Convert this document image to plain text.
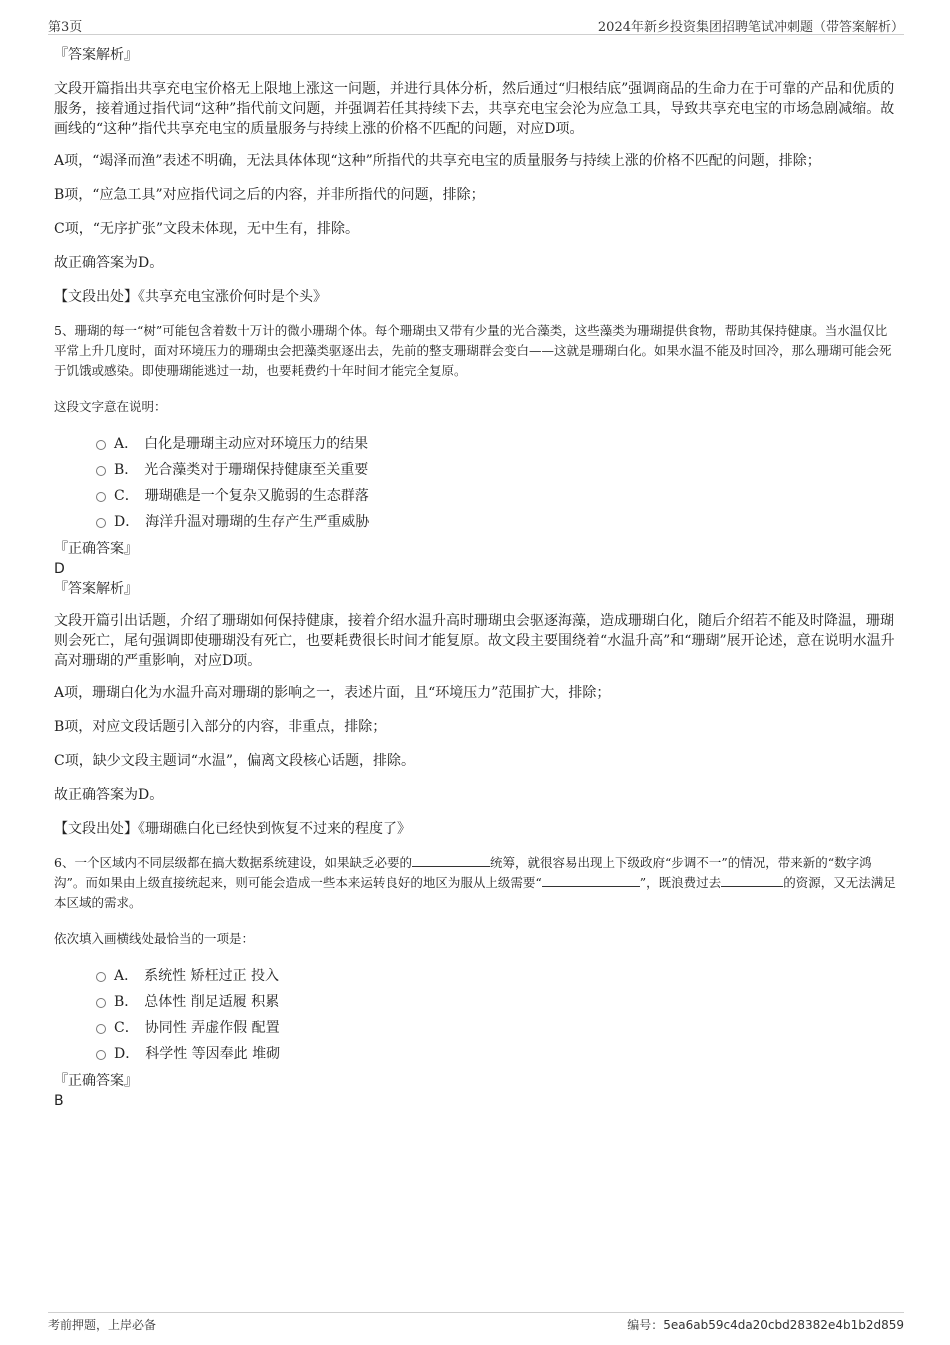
第3页	2024年新乡投资集团招聘笔试冲刺题（带答案解析）

『答案解析』

文段开篇指出共享充电宝价格无上限地上涨这一问题，并进行具体分析，然后通过“归根结底”强调商品的生命力在于可靠的产品和优质的服务，接着通过指代词“这种”指代前文问题，并强调若任其持续下去，共享充电宝会沦为应急工具，导致共享充电宝的市场急剧减缩。故画线的“这种”指代共享充电宝的质量服务与持续上涨的价格不匹配的问题，对应D项。

A项，“竭泽而渔”表述不明确，无法具体体现“这种”所指代的共享充电宝的质量服务与持续上涨的价格不匹配的问题，排除；

B项，“应急工具”对应指代词之后的内容，并非所指代的问题，排除；

C项，“无序扩张”文段未体现，无中生有，排除。

故正确答案为D。

【文段出处】《共享充电宝涨价何时是个头》

5、珊瑚的每一“树”可能包含着数十万计的微小珊瑚个体。每个珊瑚虫又带有少量的光合藻类，这些藻类为珊瑚提供食物，帮助其保持健康。当水温仅比平常上升几度时，面对环境压力的珊瑚虫会把藻类驱逐出去，先前的整支珊瑚群会变白——这就是珊瑚白化。如果水温不能及时回冷，那么珊瑚可能会死于饥饿或感染。即使珊瑚能逃过一劫，也要耗费约十年时间才能完全复原。

这段文字意在说明：

A． 白化是珊瑚主动应对环境压力的结果
B． 光合藻类对于珊瑚保持健康至关重要
C． 珊瑚礁是一个复杂又脆弱的生态群落
D． 海洋升温对珊瑚的生存产生严重威胁

『正确答案』

D

『答案解析』

文段开篇引出话题，介绍了珊瑚如何保持健康，接着介绍水温升高时珊瑚虫会驱逐海藻，造成珊瑚白化，随后介绍若不能及时降温，珊瑚则会死亡，尾句强调即使珊瑚没有死亡，也要耗费很长时间才能复原。故文段主要围绕着“水温升高”和“珊瑚”展开论述，意在说明水温升高对珊瑚的严重影响，对应D项。

A项，珊瑚白化为水温升高对珊瑚的影响之一，表述片面，且“环境压力”范围扩大，排除；

B项，对应文段话题引入部分的内容，非重点，排除；

C项，缺少文段主题词“水温”，偏离文段核心话题，排除。

故正确答案为D。

【文段出处】《珊瑚礁白化已经快到恢复不过来的程度了》

6、一个区域内不同层级都在搞大数据系统建设，如果缺乏必要的	统筹，就很容易出现上下级政府“步调不一”的情况，带来新的“数字鸿沟”。而如果由上级直接统起来，则可能会造成一些本来运转良好的地区为服从上级需要“	”，既浪费过去	的资源，又无法满足本区域的需求。

依次填入画横线处最恰当的一项是：

A． 系统性 矫枉过正 投入
B． 总体性 削足适履 积累
C． 协同性 弄虚作假 配置
D． 科学性 等因奉此 堆砌

『正确答案』

B

考前押题，上岸必备	编号：5ea6ab59c4da20cbd28382e4b1b2d859
